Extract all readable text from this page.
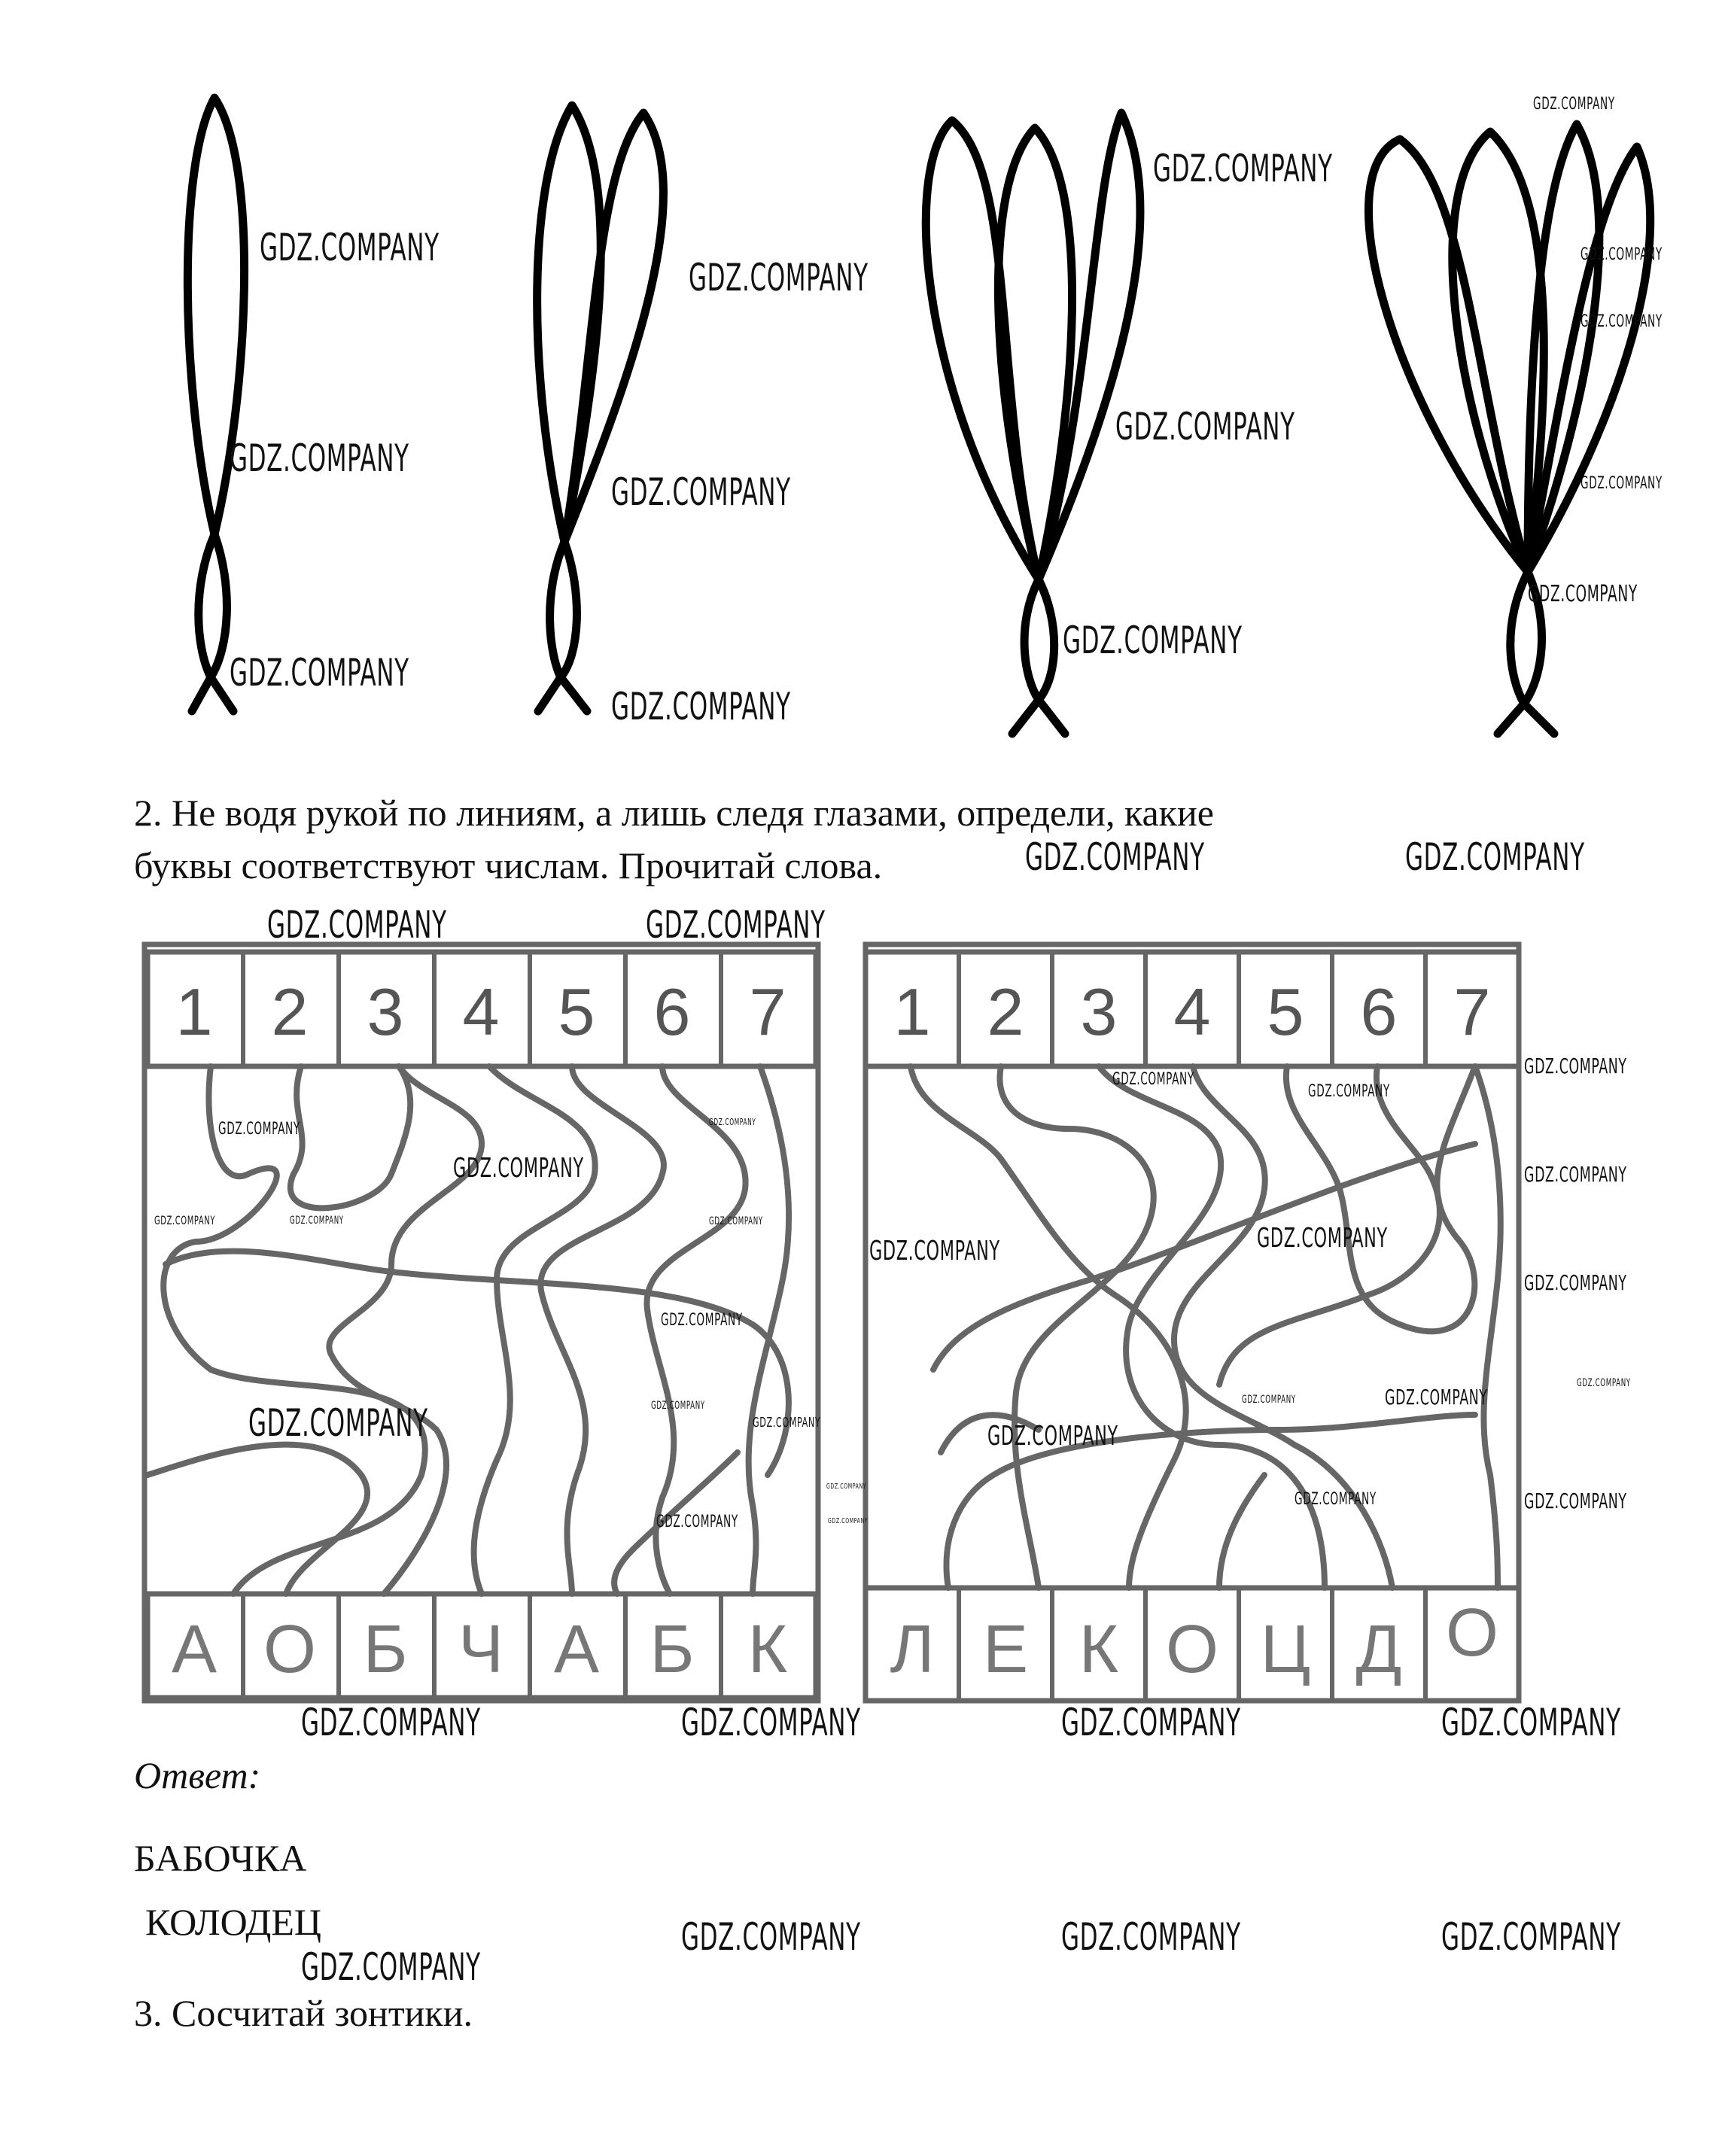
1 2 3 4 5 6 7
А О Б Ч А Б К
1 2 3 4 5 6 7
Л Е К О Ц Д О
2. Не водя рукой по линиям, а лишь следя глазами, определи, какие
буквы соответствуют числам. Прочитай слова.
Ответ:
БАБОЧКА
КОЛОДЕЦ
3. Сосчитай зонтики.
GDZ.COMPANY
GDZ.COMPANY
GDZ.COMPANY
GDZ.COMPANY
GDZ.COMPANY
GDZ.COMPANY
GDZ.COMPANY
GDZ.COMPANY
GDZ.COMPANY
GDZ.COMPANY
GDZ.COMPANY
GDZ.COMPANY
GDZ.COMPANY
GDZ.COMPANY
GDZ.COMPANY	GDZ.COMPANY
GDZ.COMPANY	GDZ.COMPANY
GDZ.COMPANY
GDZ.COMPANY
GDZ.COMPANY	GDZ.COMPANY	GDZ.COMPANY
GDZ.COMPANY
GDZ.COMPANY
GDZ.COMPANY	GDZ.COMPANY
GDZ.COMPANY
GDZ.COMPANY
GDZ.COMPANY
GDZ.COMPANY
GDZ.COMPANY
GDZ.COMPANY
GDZ.COMPANY	GDZ.COMPANY
GDZ.COMPANY	GDZ.COMPANY
GDZ.COMPANY
GDZ.COMPANY
GDZ.COMPANY
GDZ.COMPANY
GDZ.COMPANY
GDZ.COMPANY
GDZ.COMPANY
GDZ.COMPANY	GDZ.COMPANY	GDZ.COMPANY	GDZ.COMPANY
GDZ.COMPANY	GDZ.COMPANY	GDZ.COMPANY
GDZ.COMPANY
